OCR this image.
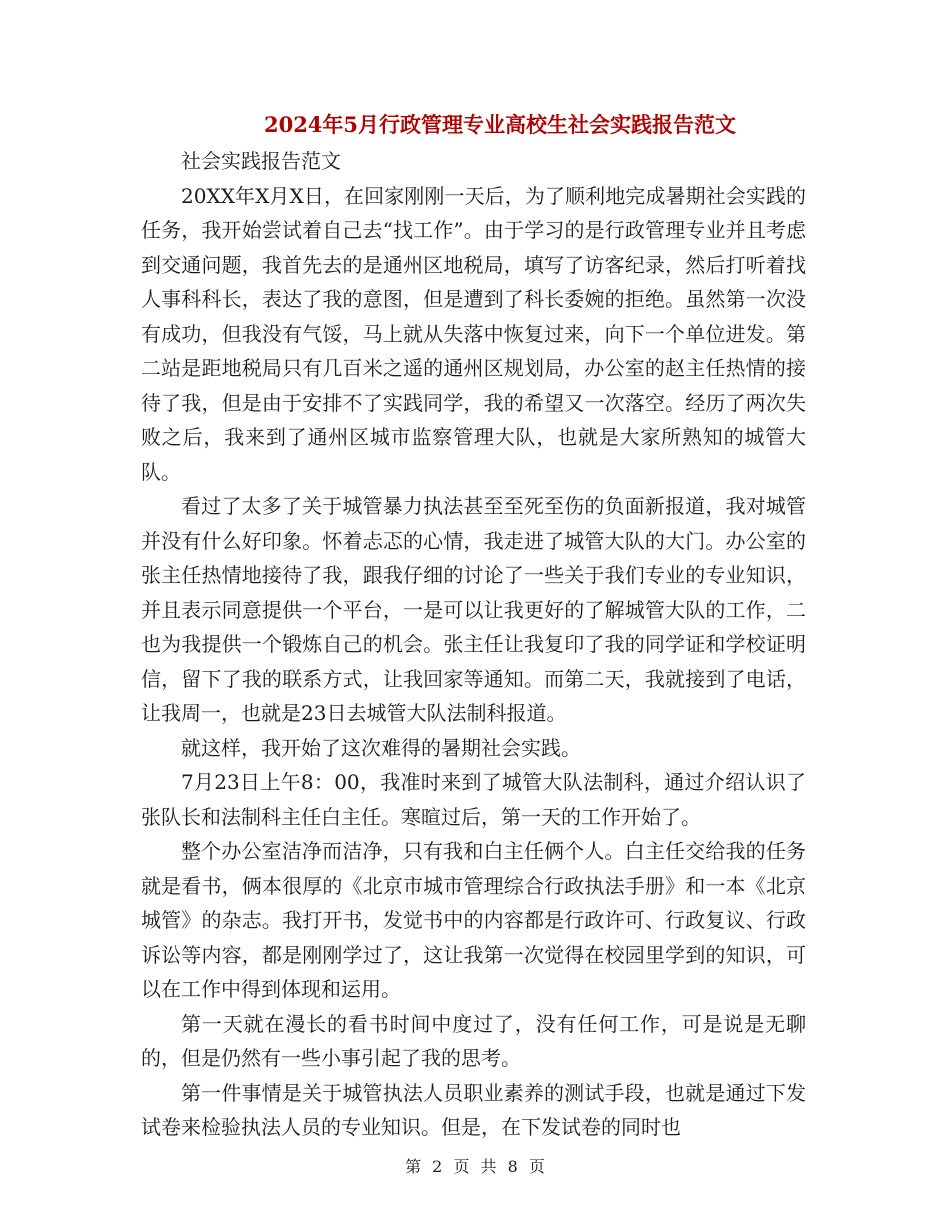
2024年5月行政管理专业高校生社会实践报告范文

社会实践报告范文

20XX年X月X日，在回家刚刚一天后，为了顺利地完成暑期社会实践的任务，我开始尝试着自己去“找工作”。由于学习的是行政管理专业并且考虑到交通问题，我首先去的是通州区地税局，填写了访客纪录，然后打听着找人事科科长，表达了我的意图，但是遭到了科长委婉的拒绝。虽然第一次没有成功，但我没有气馁，马上就从失落中恢复过来，向下一个单位进发。第二站是距地税局只有几百米之遥的通州区规划局，办公室的赵主任热情的接待了我，但是由于安排不了实践同学，我的希望又一次落空。经历了两次失败之后，我来到了通州区城市监察管理大队，也就是大家所熟知的城管大队。

看过了太多了关于城管暴力执法甚至至死至伤的负面新报道，我对城管并没有什么好印象。怀着忐忑的心情，我走进了城管大队的大门。办公室的张主任热情地接待了我，跟我仔细的讨论了一些关于我们专业的专业知识，并且表示同意提供一个平台，一是可以让我更好的了解城管大队的工作，二也为我提供一个锻炼自己的机会。张主任让我复印了我的同学证和学校证明信，留下了我的联系方式，让我回家等通知。而第二天，我就接到了电话，让我周一，也就是23日去城管大队法制科报道。

就这样，我开始了这次难得的暑期社会实践。

7月23日上午8：00，我准时来到了城管大队法制科，通过介绍认识了张队长和法制科主任白主任。寒暄过后，第一天的工作开始了。

整个办公室洁净而洁净，只有我和白主任俩个人。白主任交给我的任务就是看书，俩本很厚的《北京市城市管理综合行政执法手册》和一本《北京城管》的杂志。我打开书，发觉书中的内容都是行政许可、行政复议、行政诉讼等内容，都是刚刚学过了，这让我第一次觉得在校园里学到的知识，可以在工作中得到体现和运用。

第一天就在漫长的看书时间中度过了，没有任何工作，可是说是无聊的，但是仍然有一些小事引起了我的思考。

第一件事情是关于城管执法人员职业素养的测试手段，也就是通过下发试卷来检验执法人员的专业知识。但是，在下发试卷的同时也

第 2 页 共 8 页
